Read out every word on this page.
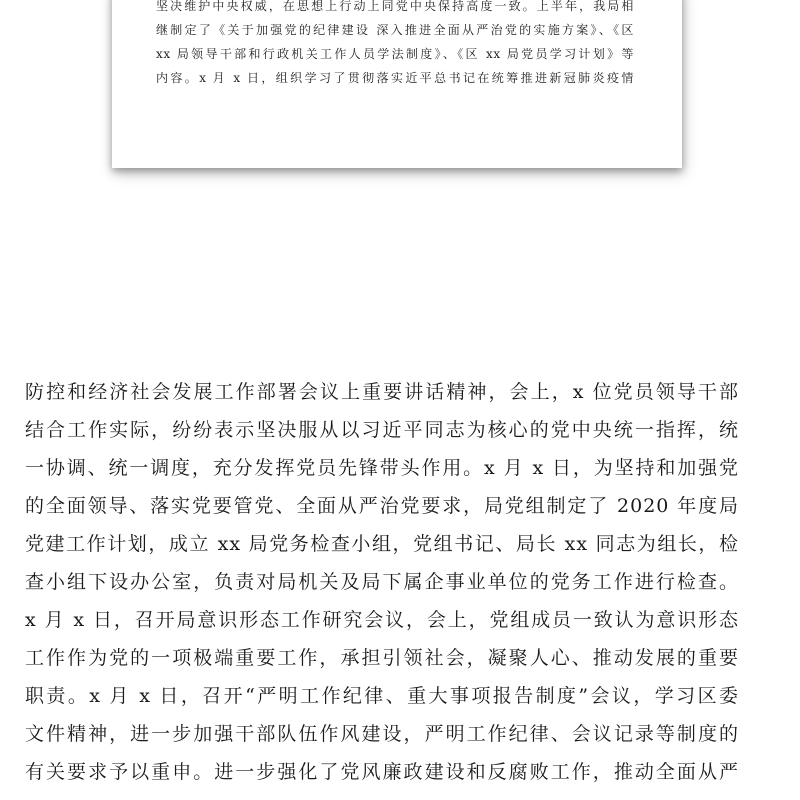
坚决维护中央权威，在思想上行动上同党中央保持高度一致。上半年，我局相
继制定了《关于加强党的纪律建设 深入推进全面从严治党的实施方案》、《区
xx 局领导干部和行政机关工作人员学法制度》、《区 xx 局党员学习计划》等
内容。x 月 x 日，组织学习了贯彻落实近平总书记在统筹推进新冠肺炎疫情
防控和经济社会发展工作部署会议上重要讲话精神，会上，x 位党员领导干部
结合工作实际，纷纷表示坚决服从以习近平同志为核心的党中央统一指挥，统
一协调、统一调度，充分发挥党员先锋带头作用。x 月 x 日，为坚持和加强党
的全面领导、落实党要管党、全面从严治党要求，局党组制定了 2020 年度局
党建工作计划，成立 xx 局党务检查小组，党组书记、局长 xx 同志为组长，检
查小组下设办公室，负责对局机关及局下属企事业单位的党务工作进行检查。
x 月 x 日，召开局意识形态工作研究会议，会上，党组成员一致认为意识形态
工作作为党的一项极端重要工作，承担引领社会，凝聚人心、推动发展的重要
职责。x 月 x 日，召开“严明工作纪律、重大事项报告制度”会议，学习区委
文件精神，进一步加强干部队伍作风建设，严明工作纪律、会议记录等制度的
有关要求予以重申。进一步强化了党风廉政建设和反腐败工作，推动全面从严
